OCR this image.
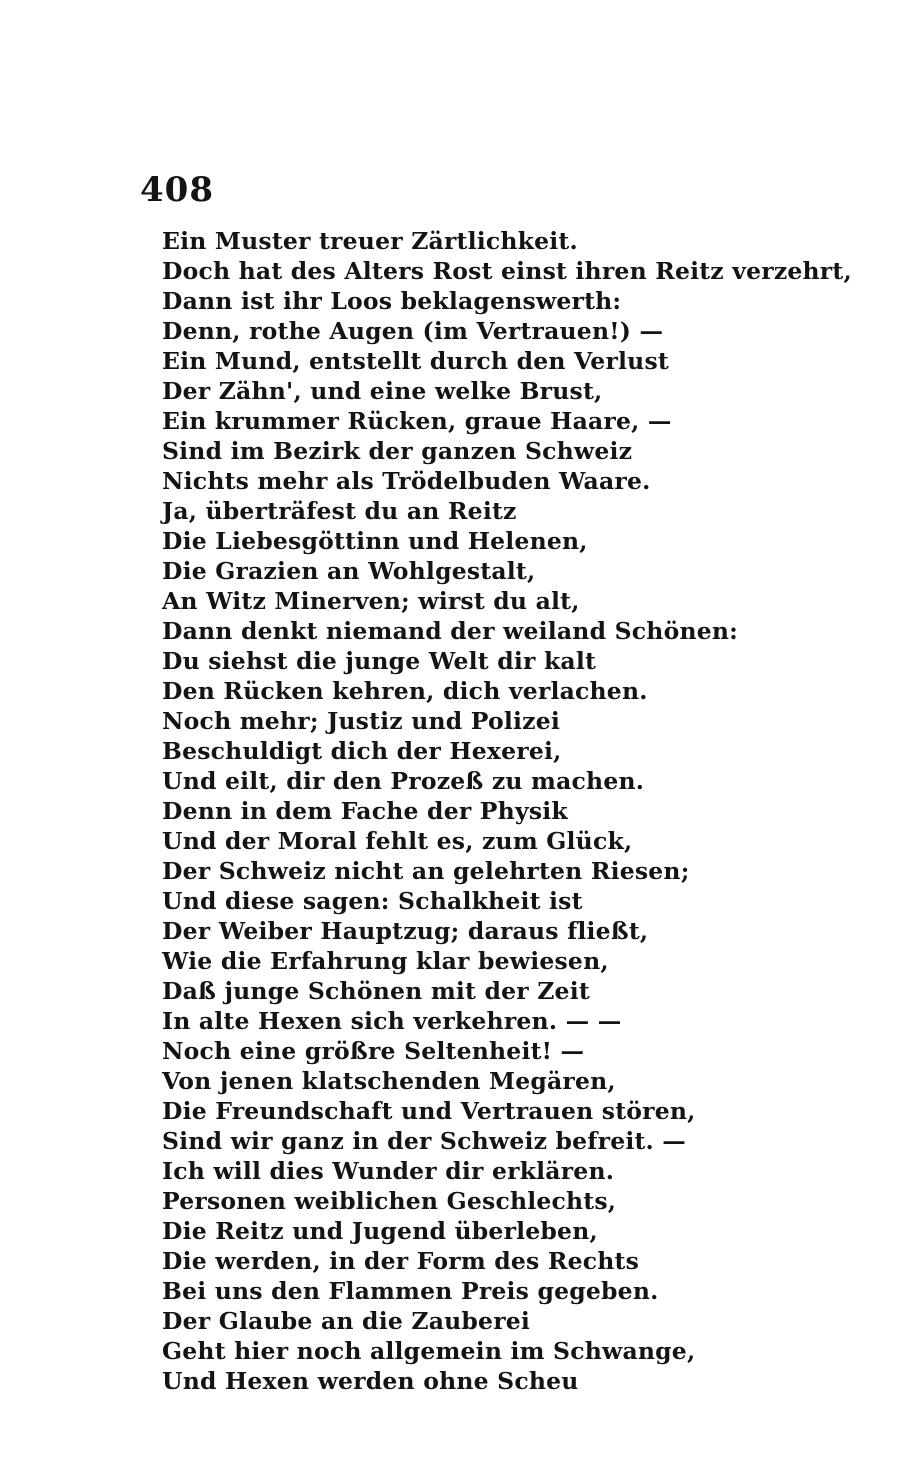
408
Ein Muster treuer Zärtlichkeit.
Doch hat des Alters Rost einst ihren Reitz verzehrt,
Dann ist ihr Loos beklagenswerth:
Denn, rothe Augen (im Vertrauen!) —
Ein Mund, entstellt durch den Verlust
Der Zähn', und eine welke Brust,
Ein krummer Rücken, graue Haare, —
Sind im Bezirk der ganzen Schweiz
Nichts mehr als Trödelbuden Waare.
Ja, überträfest du an Reitz
Die Liebesgöttinn und Helenen,
Die Grazien an Wohlgestalt,
An Witz Minerven; wirst du alt,
Dann denkt niemand der weiland Schönen:
Du siehst die junge Welt dir kalt
Den Rücken kehren, dich verlachen.
Noch mehr; Justiz und Polizei
Beschuldigt dich der Hexerei,
Und eilt, dir den Prozeß zu machen.
Denn in dem Fache der Physik
Und der Moral fehlt es, zum Glück,
Der Schweiz nicht an gelehrten Riesen;
Und diese sagen: Schalkheit ist
Der Weiber Hauptzug; daraus fließt,
Wie die Erfahrung klar bewiesen,
Daß junge Schönen mit der Zeit
In alte Hexen sich verkehren. — —
Noch eine größre Seltenheit! —
Von jenen klatschenden Megären,
Die Freundschaft und Vertrauen stören,
Sind wir ganz in der Schweiz befreit. —
Ich will dies Wunder dir erklären.
Personen weiblichen Geschlechts,
Die Reitz und Jugend überleben,
Die werden, in der Form des Rechts
Bei uns den Flammen Preis gegeben.
Der Glaube an die Zauberei
Geht hier noch allgemein im Schwange,
Und Hexen werden ohne Scheu
